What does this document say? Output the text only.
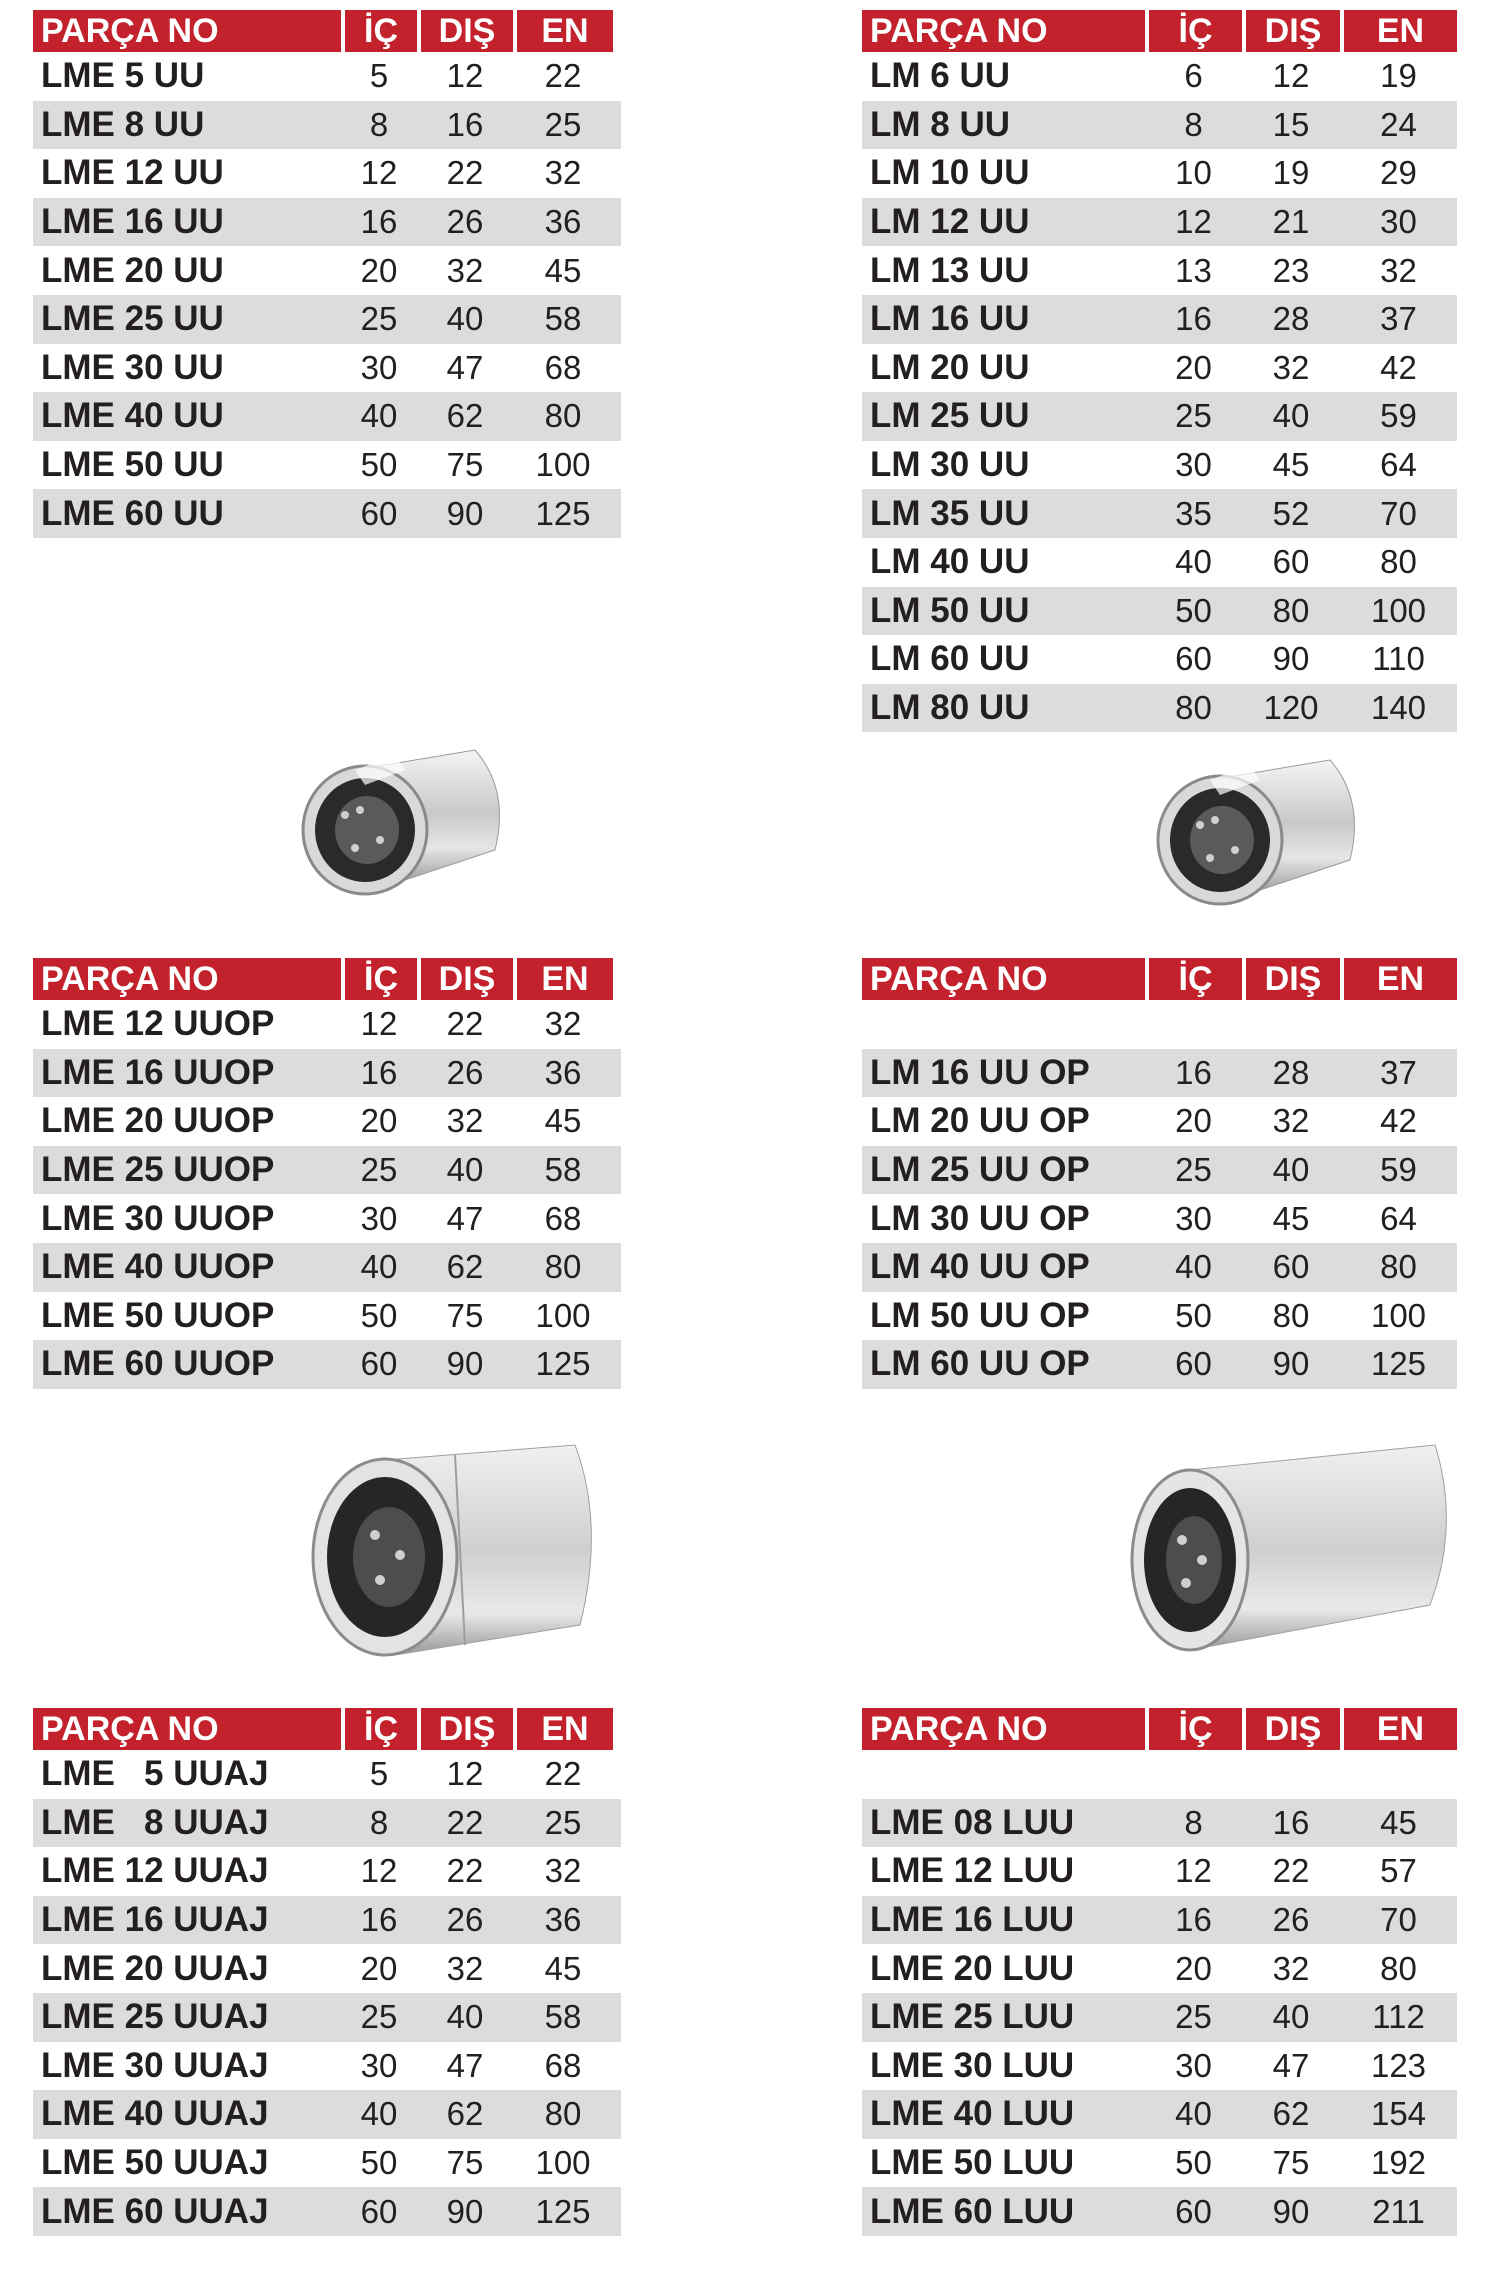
PARÇA NO	İÇ	DIŞ	EN
LME 5 UU	5	12	22
LME 8 UU	8	16	25
LME 12 UU	12	22	32
LME 16 UU	16	26	36
LME 20 UU	20	32	45
LME 25 UU	25	40	58
LME 30 UU	30	47	68
LME 40 UU	40	62	80
LME 50 UU	50	75	100
LME 60 UU	60	90	125
PARÇA NO	İÇ	DIŞ	EN
LM 6 UU	6	12	19
LM 8 UU	8	15	24
LM 10 UU	10	19	29
LM 12 UU	12	21	30
LM 13 UU	13	23	32
LM 16 UU	16	28	37
LM 20 UU	20	32	42
LM 25 UU	25	40	59
LM 30 UU	30	45	64
LM 35 UU	35	52	70
LM 40 UU	40	60	80
LM 50 UU	50	80	100
LM 60 UU	60	90	110
LM 80 UU	80	120	140
PARÇA NO	İÇ	DIŞ	EN
LME 12 UUOP	12	22	32
LME 16 UUOP	16	26	36
LME 20 UUOP	20	32	45
LME 25 UUOP	25	40	58
LME 30 UUOP	30	47	68
LME 40 UUOP	40	62	80
LME 50 UUOP	50	75	100
LME 60 UUOP	60	90	125
PARÇA NO	İÇ	DIŞ	EN
LM 16 UU OP	16	28	37
LM 20 UU OP	20	32	42
LM 25 UU OP	25	40	59
LM 30 UU OP	30	45	64
LM 40 UU OP	40	60	80
LM 50 UU OP	50	80	100
LM 60 UU OP	60	90	125
PARÇA NO	İÇ	DIŞ	EN
LME   5 UUAJ	5	12	22
LME   8 UUAJ	8	22	25
LME 12 UUAJ	12	22	32
LME 16 UUAJ	16	26	36
LME 20 UUAJ	20	32	45
LME 25 UUAJ	25	40	58
LME 30 UUAJ	30	47	68
LME 40 UUAJ	40	62	80
LME 50 UUAJ	50	75	100
LME 60 UUAJ	60	90	125
PARÇA NO	İÇ	DIŞ	EN
LME 08 LUU	8	16	45
LME 12 LUU	12	22	57
LME 16 LUU	16	26	70
LME 20 LUU	20	32	80
LME 25 LUU	25	40	112
LME 30 LUU	30	47	123
LME 40 LUU	40	62	154
LME 50 LUU	50	75	192
LME 60 LUU	60	90	211
